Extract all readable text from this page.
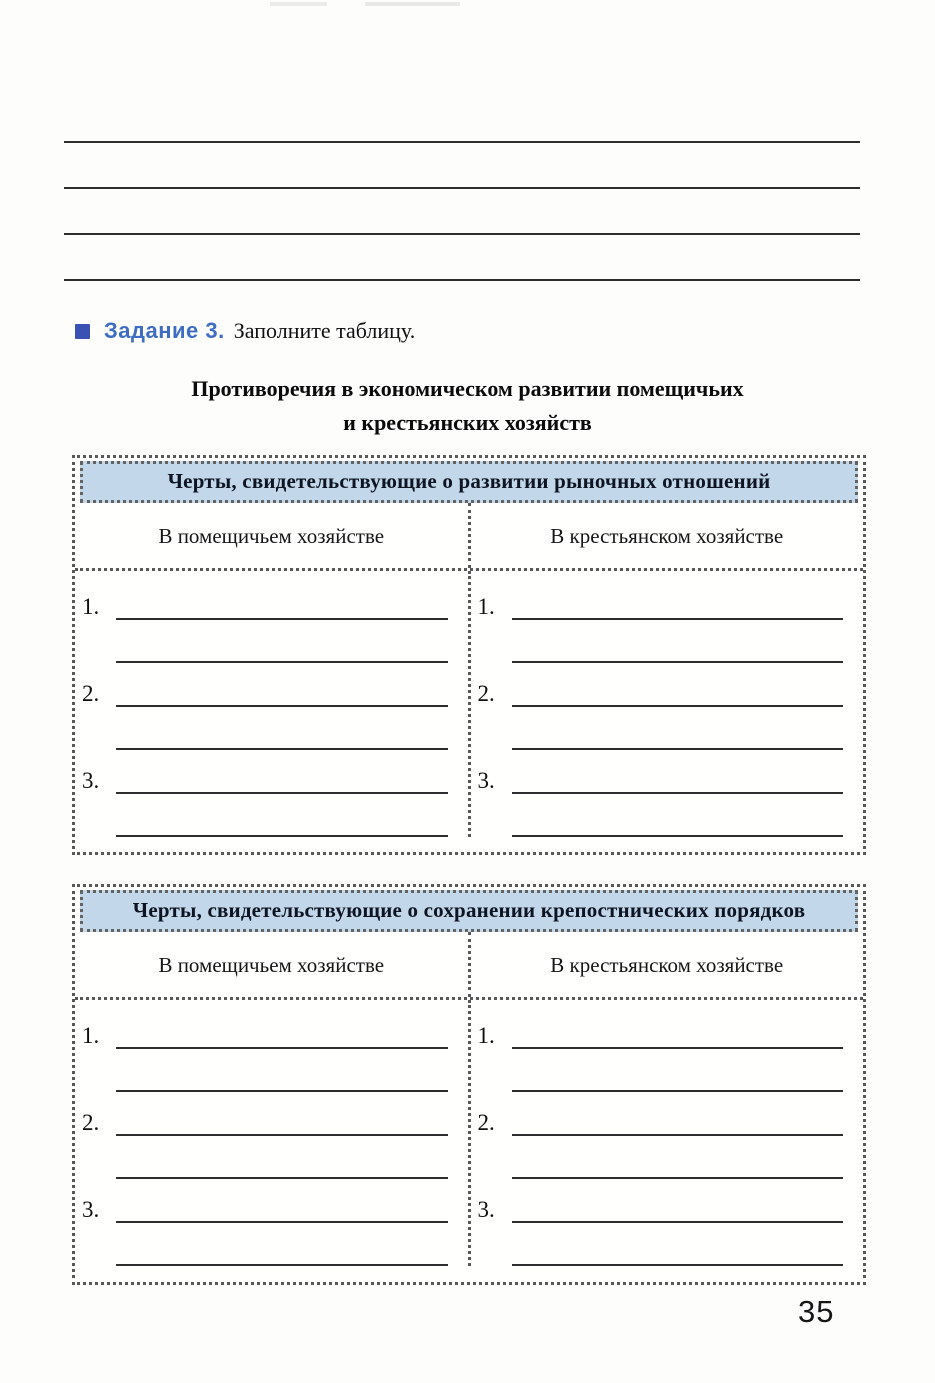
Задание 3. Заполните таблицу.
Противоречия в экономическом развитии помещичьих
и крестьянских хозяйств
Черты, свидетельствующие о развитии рыночных отношений
В помещичьем хозяйстве	В крестьянском хозяйстве
1.
2.
3.
1.
2.
3.
Черты, свидетельствующие о сохранении крепостнических порядков
В помещичьем хозяйстве	В крестьянском хозяйстве
1.
2.
3.
1.
2.
3.
35
